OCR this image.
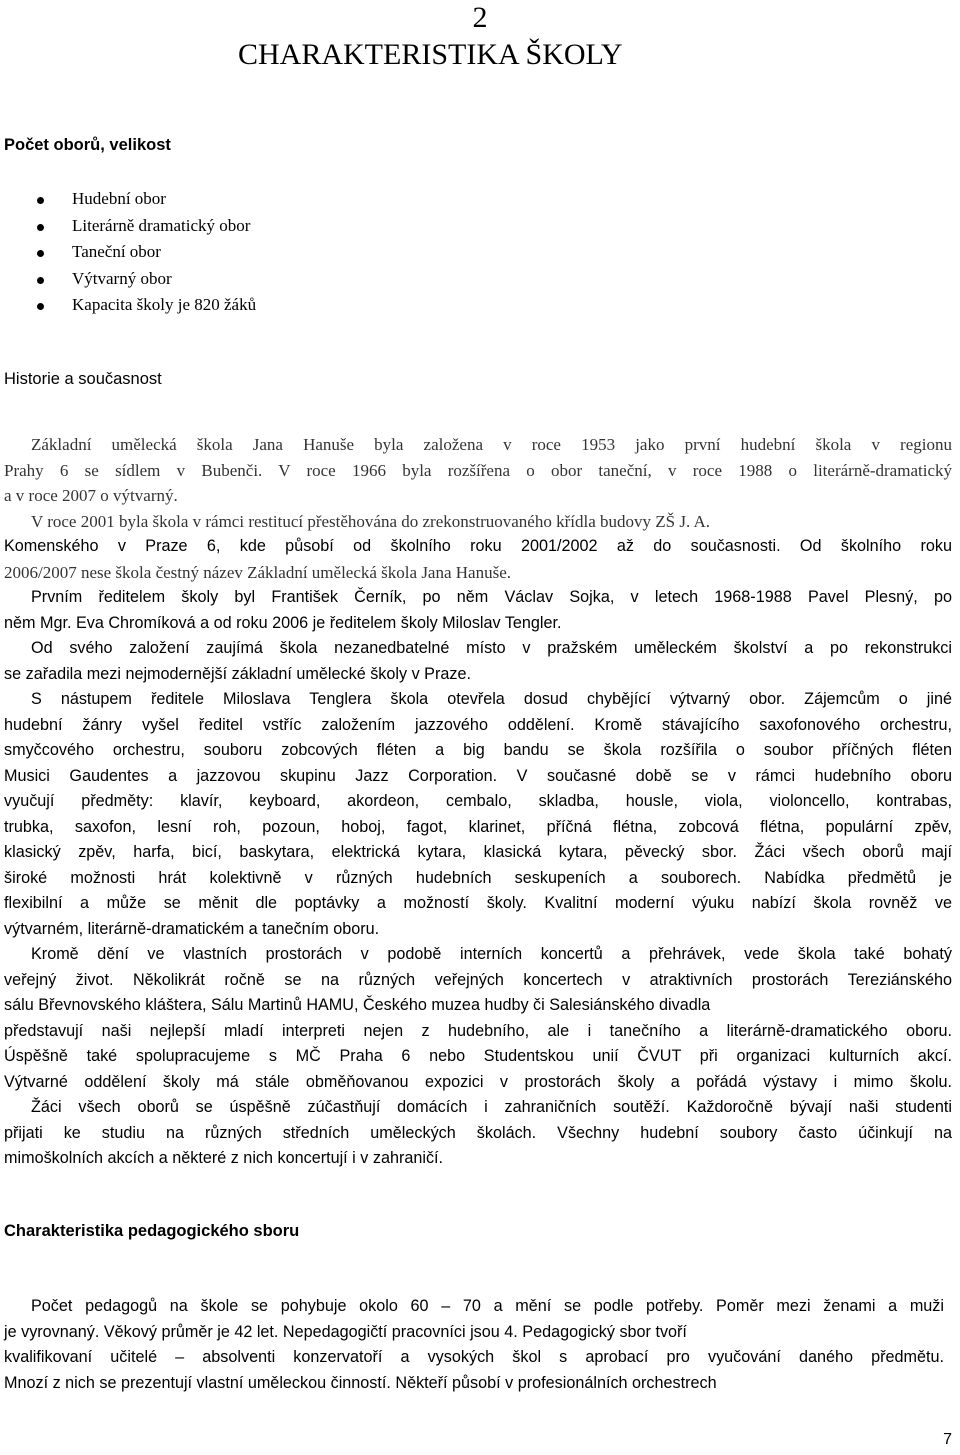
2
CHARAKTERISTIKA ŠKOLY
Počet oborů, velikost
Hudební obor
Literárně dramatický obor
Taneční obor
Výtvarný obor
Kapacita školy je 820 žáků
Historie a současnost
Základní umělecká škola Jana Hanuše byla založena v roce 1953 jako první hudební škola v regionu
Prahy 6 se sídlem v Bubenči. V roce 1966 byla rozšířena o obor taneční, v roce 1988 o literárně-dramatický
a v roce 2007 o výtvarný.
V roce 2001 byla škola v rámci restitucí přestěhována do zrekonstruovaného křídla budovy ZŠ J. A.
Komenského v Praze 6, kde působí od školního roku 2001/2002 až do současnosti. Od školního roku
2006/2007 nese škola čestný název Základní umělecká škola Jana Hanuše.
Prvním ředitelem školy byl František Černík, po něm Václav Sojka, v letech 1968-1988 Pavel Plesný, po
něm Mgr. Eva Chromíková a od roku 2006 je ředitelem školy Miloslav Tengler.
Od svého založení zaujímá škola nezanedbatelné místo v pražském uměleckém školství a po rekonstrukci
se zařadila mezi nejmodernější základní umělecké školy v Praze.
S nástupem ředitele Miloslava Tenglera škola otevřela dosud chybějící výtvarný obor. Zájemcům o jiné
hudební žánry vyšel ředitel vstříc založením jazzového oddělení. Kromě stávajícího saxofonového orchestru,
smyčcového orchestru, souboru zobcových fléten a big bandu se škola rozšířila o soubor příčných fléten
Musici Gaudentes a jazzovou skupinu Jazz Corporation. V současné době se v rámci hudebního oboru
vyučují předměty: klavír, keyboard, akordeon, cembalo, skladba, housle, viola, violoncello, kontrabas,
trubka, saxofon, lesní roh, pozoun, hoboj, fagot, klarinet, příčná flétna, zobcová flétna, populární zpěv,
klasický zpěv, harfa, bicí, baskytara, elektrická kytara, klasická kytara, pěvecký sbor. Žáci všech oborů mají
široké možnosti hrát kolektivně v různých hudebních seskupeních a souborech. Nabídka předmětů je
flexibilní a může se měnit dle poptávky a možností školy. Kvalitní moderní výuku nabízí škola rovněž ve
výtvarném, literárně-dramatickém a tanečním oboru.
Kromě dění ve vlastních prostorách v podobě interních koncertů a přehrávek, vede škola také bohatý
veřejný život. Několikrát ročně se na různých veřejných koncertech v atraktivních prostorách Tereziánského
sálu Břevnovského kláštera, Sálu Martinů HAMU, Českého muzea hudby či Salesiánského divadla
představují naši nejlepší mladí interpreti nejen z hudebního, ale i tanečního a literárně-dramatického oboru.
Úspěšně také spolupracujeme s MČ Praha 6 nebo Studentskou unií ČVUT při organizaci kulturních akcí.
Výtvarné oddělení školy má stále obměňovanou expozici v prostorách školy a pořádá výstavy i mimo školu.
Žáci všech oborů se úspěšně zúčastňují domácích i zahraničních soutěží. Každoročně bývají naši studenti
přijati ke studiu na různých středních uměleckých školách. Všechny hudební soubory často účinkují na
mimoškolních akcích a některé z nich koncertují i v zahraničí.
Charakteristika pedagogického sboru
Počet pedagogů na škole se pohybuje okolo 60 – 70 a mění se podle potřeby. Poměr mezi ženami a muži
je vyrovnaný. Věkový průměr je 42 let. Nepedagogičtí pracovníci jsou 4. Pedagogický sbor tvoří
kvalifikovaní učitelé – absolventi konzervatoří a vysokých škol s aprobací pro vyučování daného předmětu.
Mnozí z nich se prezentují vlastní uměleckou činností. Někteří působí v profesionálních orchestrech
7
